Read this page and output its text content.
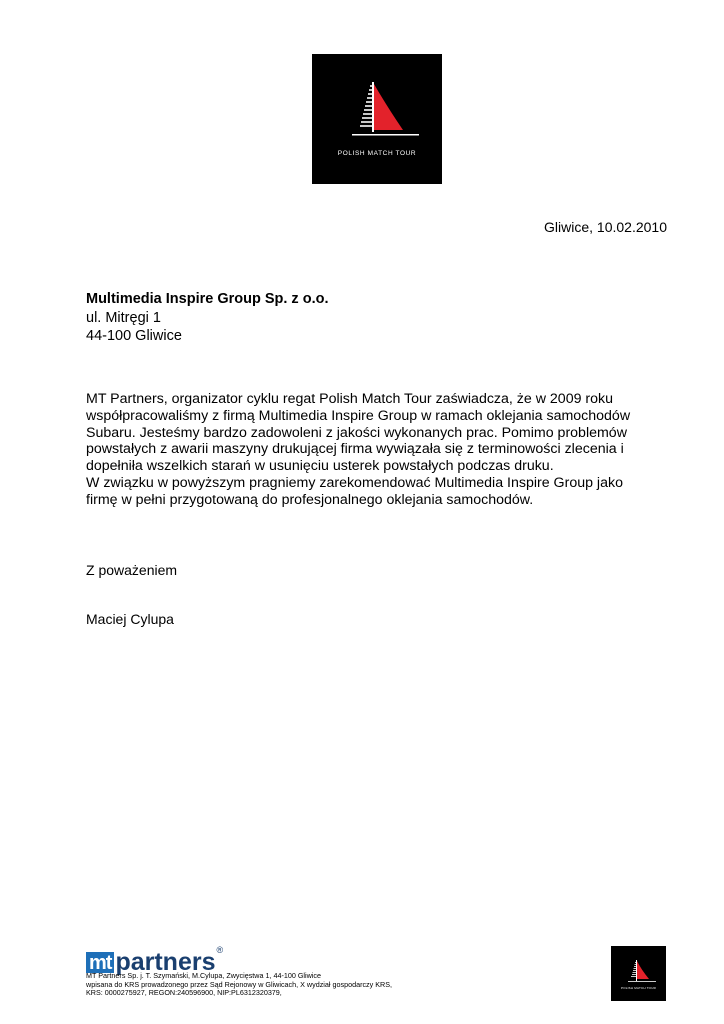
POLISH MATCH TOUR
Gliwice, 10.02.2010
Multimedia Inspire Group Sp. z o.o.
ul. Mitręgi 1
44-100 Gliwice

MT Partners, organizator cyklu regat Polish Match Tour zaświadcza, że w 2009 roku

współpracowaliśmy z firmą Multimedia Inspire Group w ramach oklejania samochodów

Subaru. Jesteśmy bardzo zadowoleni z jakości wykonanych prac. Pomimo problemów

powstałych z awarii maszyny drukującej firma wywiązała się z terminowości zlecenia i

dopełniła wszelkich starań w usunięciu usterek powstałych podczas druku.

W związku w powyższym pragniemy zarekomendować Multimedia Inspire Group jako

firmę w pełni przygotowaną do profesjonalnego oklejania samochodów.

Z poważeniem
Maciej Cylupa
mt partners ®
MT Partners Sp. j. T. Szymański, M.Cylupa, Zwycięstwa 1, 44-100 Gliwice
wpisana do KRS prowadzonego przez Sąd Rejonowy w Gliwicach, X wydział gospodarczy KRS,
KRS: 0000275927, REGON:240596900, NIP:PL6312320379,
POLISH MATCH TOUR
